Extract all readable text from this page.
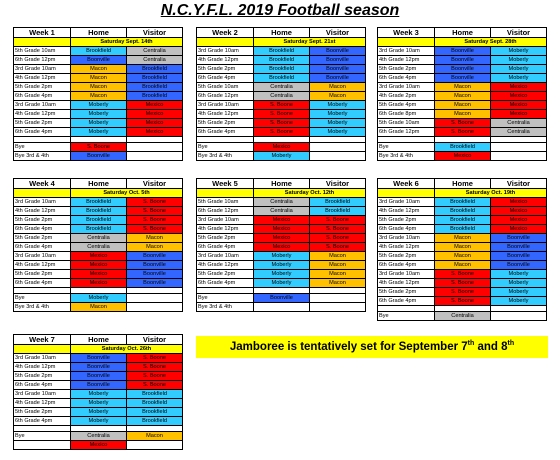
N.C.Y.F.L. 2019 Football season
Week 1	Home	Visitor
	Saturday Sept. 14th	
5th Grade 10am	Brookfield	Centralia
6th Grade 12pm	Boonville	Centralia
3rd Grade 10am	Macon	Brookfield
4th Grade 12pm	Macon	Brookfield
5th Grade 2pm	Macon	Brookfield
6th Grade 4pm	Macon	Brookfield
3rd Grade 10am	Moberly	Mexico
4th Grade 12pm	Moberly	Mexico
5th Grade 2pm	Moberly	Mexico
6th Grade 4pm	Moberly	Mexico

Bye	S. Boone	
Bye 3rd & 4th	Boonville	
Week 2	Home	Visitor
	Saturday Sept. 21st	
3rd Grade 10am	Brookfield	Boonville
4th Grade 12pm	Brookfield	Boonville
5th Grade 2pm	Brookfield	Boonville
6th Grade 4pm	Brookfield	Boonville
5th Grade 10am	Centralia	Macon
6th Grade 12pm	Centralia	Macon
3rd Grade 10am	S. Boone	Moberly
4th Grade 12pm	S. Boone	Moberly
5th Grade 2pm	S. Boone	Moberly
6th Grade 4pm	S. Boone	Moberly

Bye	Mexico	
Bye 3rd & 4th	Moberly	
Week 3	Home	Visitor
	Saturday Sept. 28th	
3rd Grade 10am	Boonville	Moberly
4th Grade 12pm	Boonville	Moberly
5th Grade 2pm	Boonville	Moberly
6th Grade 4pm	Boonville	Moberly
3rd Grade 10am	Macon	Mexico
4th Grade 2pm	Macon	Mexico
5th Grade 4pm	Macon	Mexico
6th Grade 8pm	Macon	Mexico
5th Grade 10am	S. Boone	Centralia
6th Grade 12pm	S. Boone	Centralia

Bye	Brookfield	
Bye 3rd & 4th	Mexico	
Week 4	Home	Visitor
	Saturday Oct. 5th	
3rd Grade 10am	Brookfield	S. Boone
4th Grade 12pm	Brookfield	S. Boone
5th Grade 2pm	Brookfield	S. Boone
6th Grade 4pm	Brookfield	S. Boone
5th Grade 2pm	Centralia	Macon
6th Grade 4pm	Centralia	Macon
3rd Grade 10am	Mexico	Boonville
4th Grade 12pm	Mexico	Boonville
5th Grade 2pm	Mexico	Boonville
6th Grade 4pm	Mexico	Boonville

Bye	Moberly	
Bye 3rd & 4th	Macon	
Week 5	Home	Visitor
	Saturday Oct. 12th	
5th Grade 10am	Centralia	Brookfield
6th Grade 12pm	Centralia	Brookfield
3rd Grade 10am	Mexico	S. Boone
4th Grade 12pm	Mexico	S. Boone
5th Grade 2pm	Mexico	S. Boone
6th Grade 4pm	Mexico	S. Boone
3rd Grade 10am	Moberly	Macon
4th Grade 12pm	Moberly	Macon
5th Grade 2pm	Moberly	Macon
6th Grade 4pm	Moberly	Macon

Bye	Boonville	
Bye 3rd & 4th		
Week 6	Home	Visitor
	Saturday Oct. 19th	
3rd Grade 10am	Brookfield	Mexico
4th Grade 12pm	Brookfield	Mexico
5th Grade 2pm	Brookfield	Mexico
6th Grade 4pm	Brookfield	Mexico
3rd Grade 10am	Macon	Boonville
4th Grade 12pm	Macon	Boonville
5th Grade 2pm	Macon	Boonville
6th Grade 4pm	Macon	Boonville
3rd Grade 10am	S. Boone	Moberly
4th Grade 12pm	S. Boone	Moberly
5th Grade 2pm	S. Boone	Moberly
6th Grade 4pm	S. Boone	Moberly

Bye	Centralia	
Week 7	Home	Visitor
	Saturday Oct. 26th	
3rd Grade 10am	Boonville	S. Boone
4th Grade 12pm	Boonville	S. Boone
5th Grade 2pm	Boonville	S. Boone
6th Grade 4pm	Boonville	S. Boone
3rd Grade 10am	Moberly	Brookfield
4th Grade 12pm	Moberly	Brookfield
5th Grade 2pm	Moberly	Brookfield
6th Grade 4pm	Moberly	Brookfield

Bye	Centralia	Macon
	Mexico	
Jamboree is tentatively set for September 7th and 8th
